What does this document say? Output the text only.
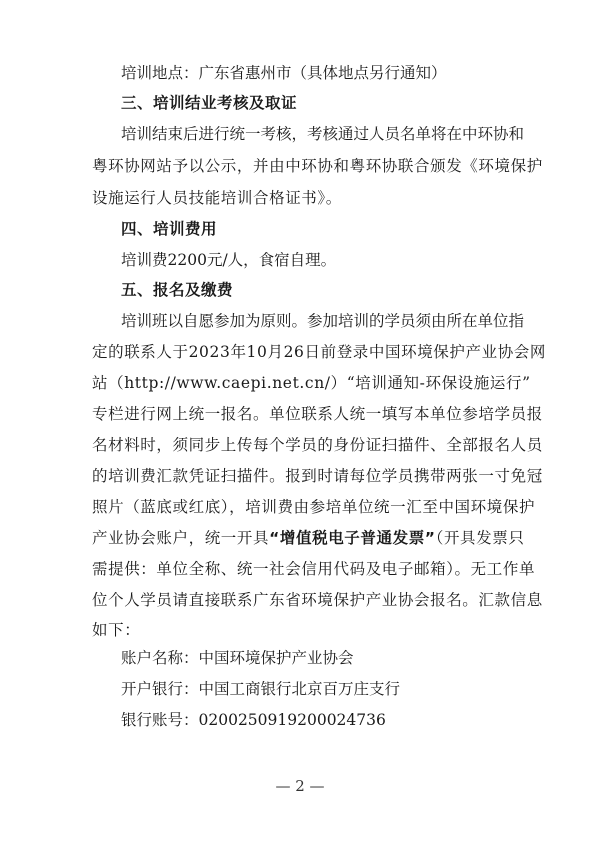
培训地点：广东省惠州市（具体地点另行通知）
三、培训结业考核及取证
培训结束后进行统一考核，考核通过人员名单将在中环协和
粤环协网站予以公示，并由中环协和粤环协联合颁发《环境保护
设施运行人员技能培训合格证书》。
四、培训费用
培训费2200元/人，食宿自理。
五、报名及缴费
培训班以自愿参加为原则。参加培训的学员须由所在单位指
定的联系人于2023年10月26日前登录中国环境保护产业协会网
站（http://www.caepi.net.cn/）“培训通知-环保设施运行”
专栏进行网上统一报名。单位联系人统一填写本单位参培学员报
名材料时，须同步上传每个学员的身份证扫描件、全部报名人员
的培训费汇款凭证扫描件。报到时请每位学员携带两张一寸免冠
照片（蓝底或红底），培训费由参培单位统一汇至中国环境保护
产业协会账户，统一开具“增值税电子普通发票”（开具发票只
需提供：单位全称、统一社会信用代码及电子邮箱）。无工作单
位个人学员请直接联系广东省环境保护产业协会报名。汇款信息
如下：
账户名称：中国环境保护产业协会
开户银行：中国工商银行北京百万庄支行
银行账号：0200250919200024736
— 2 —
